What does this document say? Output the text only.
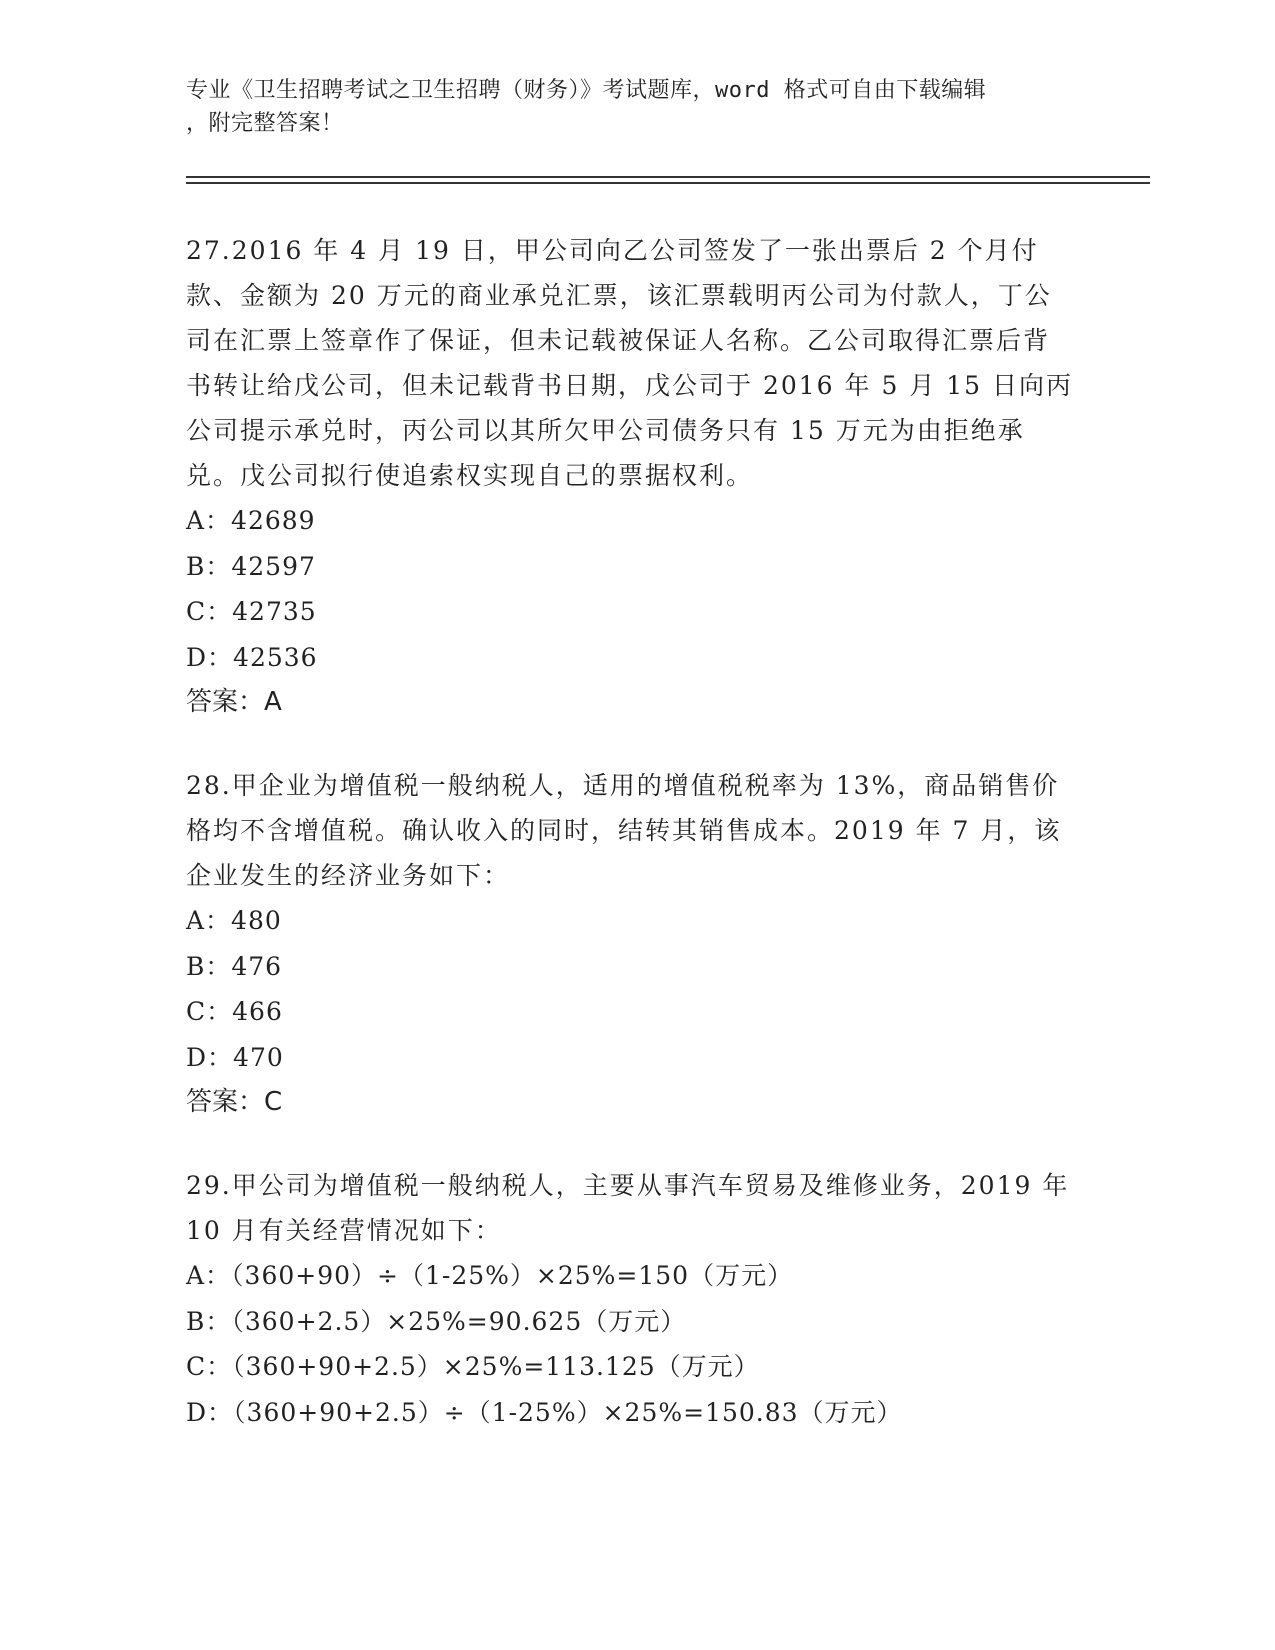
专业《卫生招聘考试之卫生招聘（财务）》考试题库，word 格式可自由下载编辑
，附完整答案！

27.2016 年 4 月 19 日，甲公司向乙公司签发了一张出票后 2 个月付款、金额为 20 万元的商业承兑汇票，该汇票载明丙公司为付款人，丁公司在汇票上签章作了保证，但未记载被保证人名称。乙公司取得汇票后背书转让给戊公司，但未记载背书日期，戊公司于 2016 年 5 月 15 日向丙公司提示承兑时，丙公司以其所欠甲公司债务只有 15 万元为由拒绝承兑。戊公司拟行使追索权实现自己的票据权利。

A：42689
B：42597
C：42735
D：42536

答案：A

28.甲企业为增值税一般纳税人，适用的增值税税率为 13%，商品销售价格均不含增值税。确认收入的同时，结转其销售成本。2019 年 7 月，该企业发生的经济业务如下：

A：480
B：476
C：466
D：470

答案：C

29.甲公司为增值税一般纳税人，主要从事汽车贸易及维修业务，2019 年 10 月有关经营情况如下：

A：（360+90）÷（1-25%）×25%=150（万元）
B：（360+2.5）×25%=90.625（万元）
C：（360+90+2.5）×25%=113.125（万元）
D：（360+90+2.5）÷（1-25%）×25%=150.83（万元）
